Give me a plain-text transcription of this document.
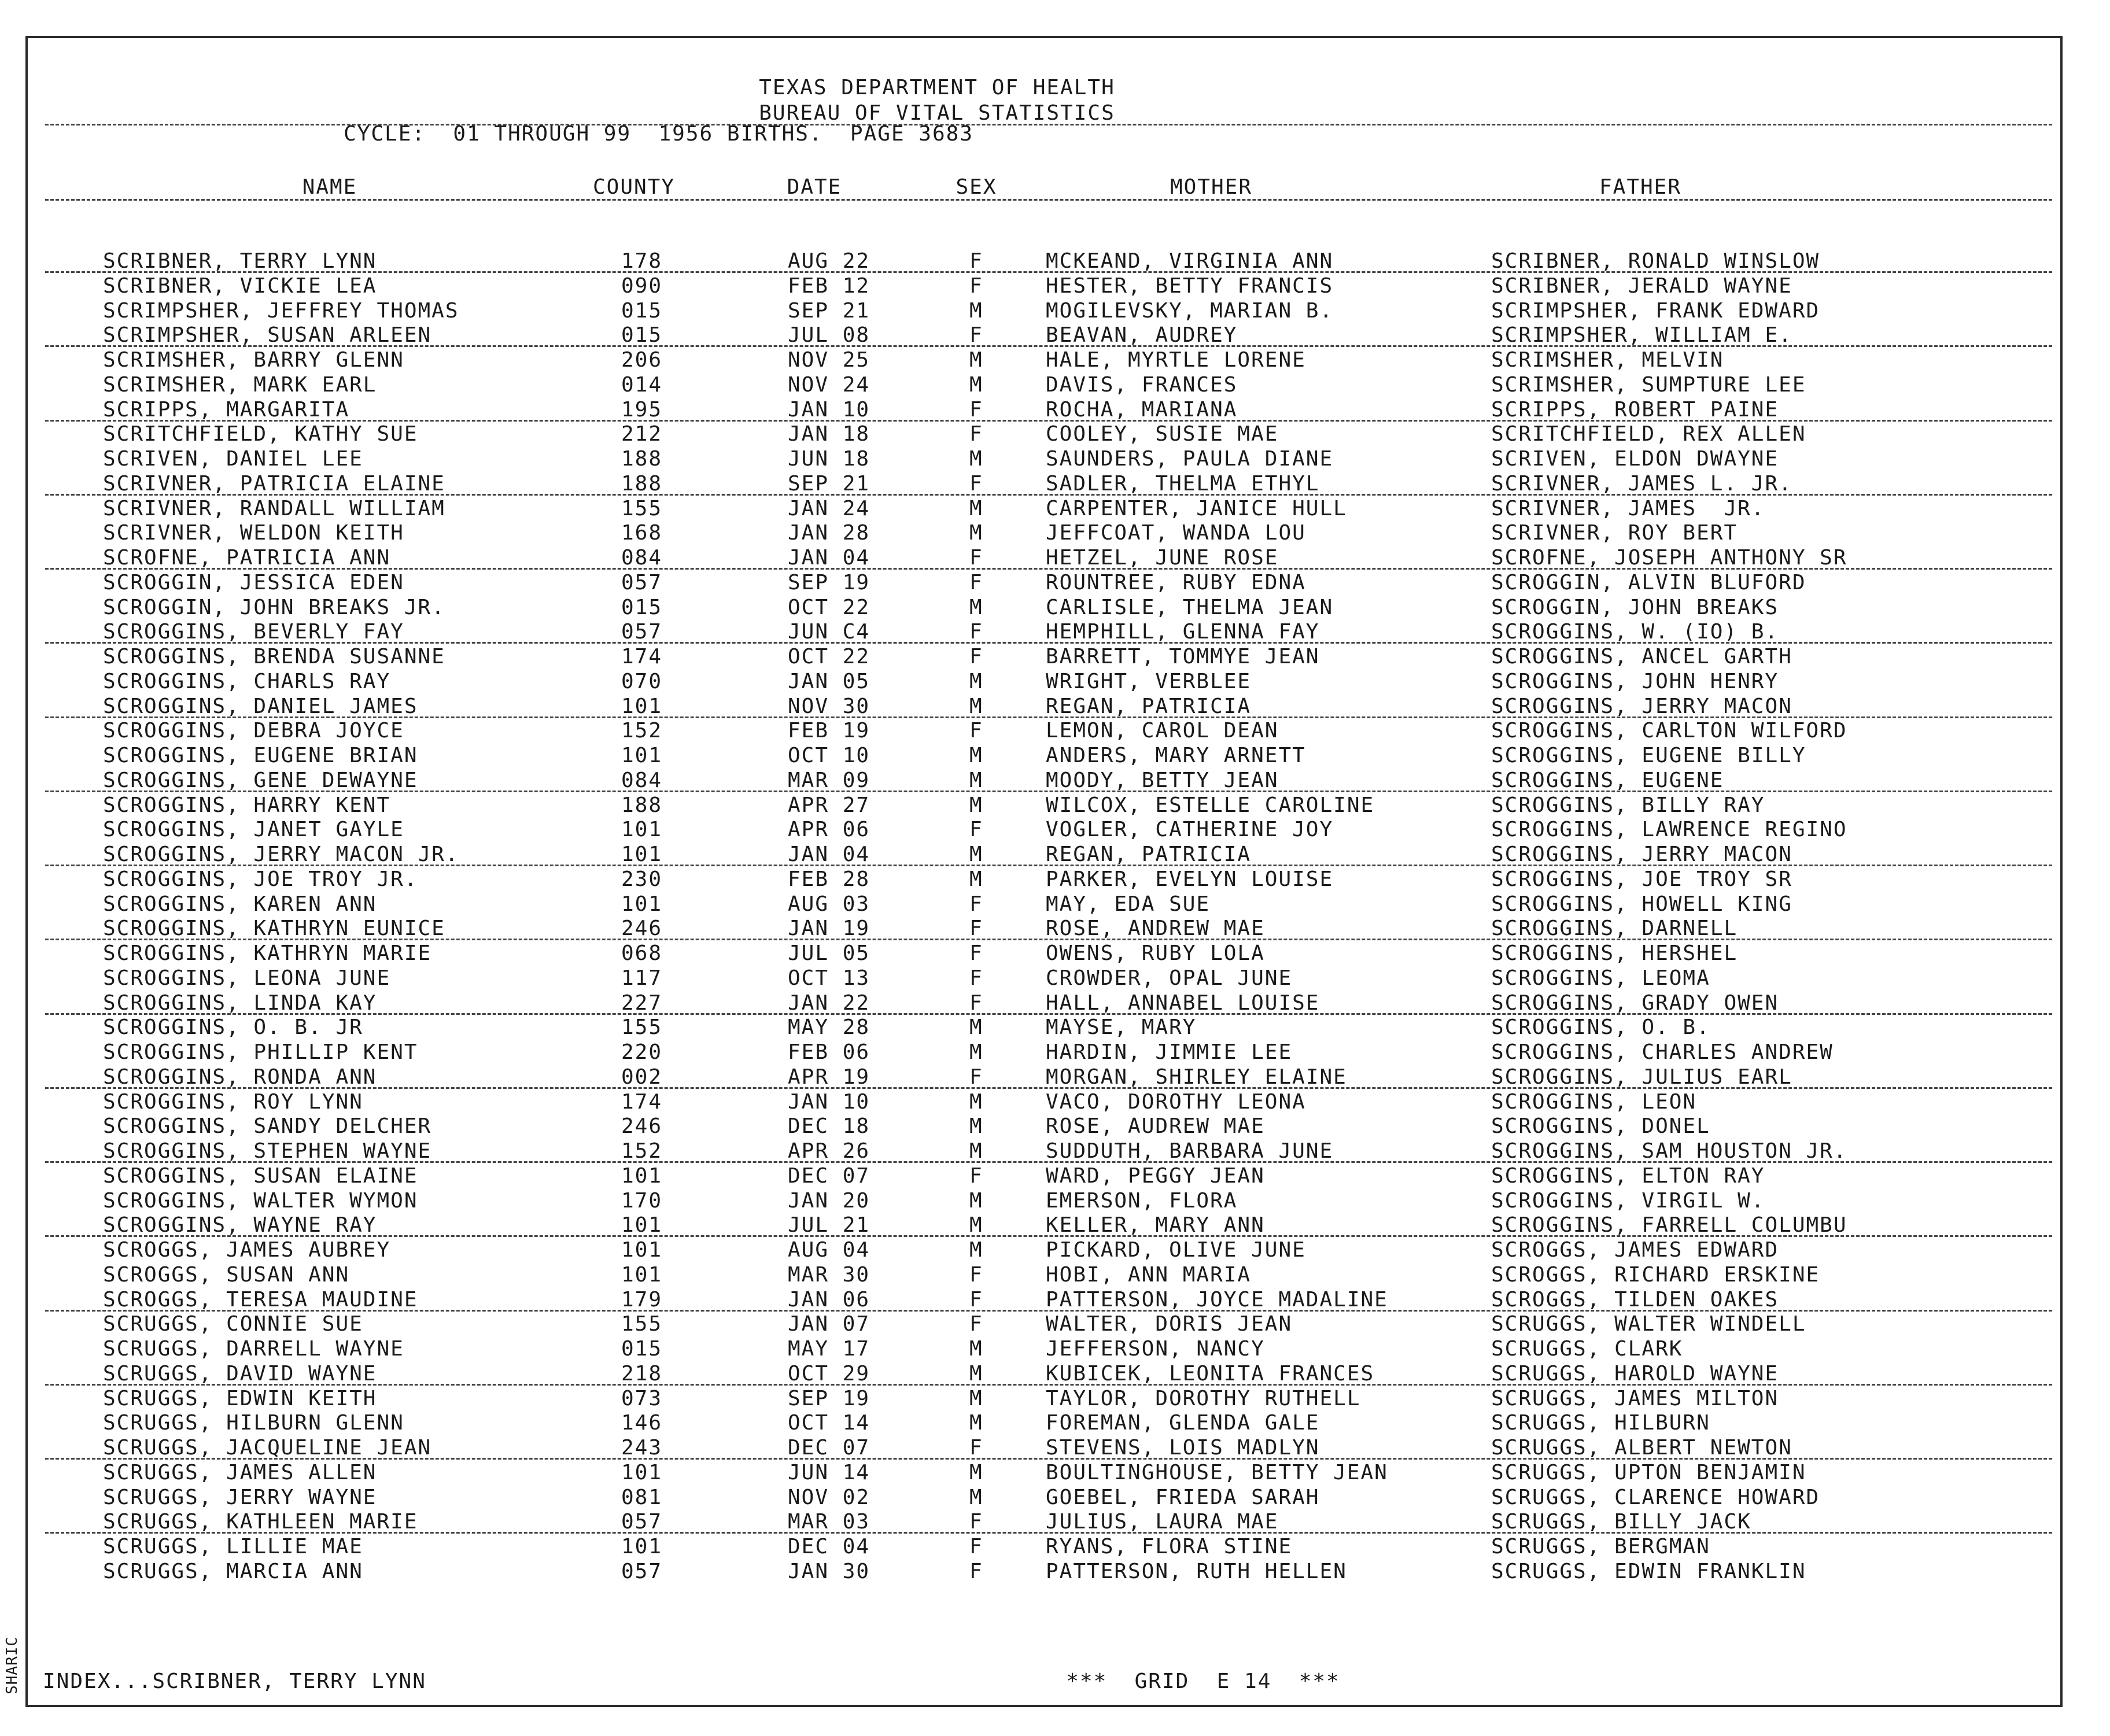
TEXAS DEPARTMENT OF HEALTH
BUREAU OF VITAL STATISTICS
CYCLE:  01 THROUGH 99  1956 BIRTHS.  PAGE 3683
NAME	COUNTY	DATE	SEX	MOTHER	FATHER
SCRIBNER, TERRY LYNN	178	AUG 22	F	MCKEAND, VIRGINIA ANN	SCRIBNER, RONALD WINSLOW
SCRIBNER, VICKIE LEA	090	FEB 12	F	HESTER, BETTY FRANCIS	SCRIBNER, JERALD WAYNE
SCRIMPSHER, JEFFREY THOMAS	015	SEP 21	M	MOGILEVSKY, MARIAN B.	SCRIMPSHER, FRANK EDWARD
SCRIMPSHER, SUSAN ARLEEN	015	JUL 08	F	BEAVAN, AUDREY	SCRIMPSHER, WILLIAM E.
SCRIMSHER, BARRY GLENN	206	NOV 25	M	HALE, MYRTLE LORENE	SCRIMSHER, MELVIN
SCRIMSHER, MARK EARL	014	NOV 24	M	DAVIS, FRANCES	SCRIMSHER, SUMPTURE LEE
SCRIPPS, MARGARITA	195	JAN 10	F	ROCHA, MARIANA	SCRIPPS, ROBERT PAINE
SCRITCHFIELD, KATHY SUE	212	JAN 18	F	COOLEY, SUSIE MAE	SCRITCHFIELD, REX ALLEN
SCRIVEN, DANIEL LEE	188	JUN 18	M	SAUNDERS, PAULA DIANE	SCRIVEN, ELDON DWAYNE
SCRIVNER, PATRICIA ELAINE	188	SEP 21	F	SADLER, THELMA ETHYL	SCRIVNER, JAMES L. JR.
SCRIVNER, RANDALL WILLIAM	155	JAN 24	M	CARPENTER, JANICE HULL	SCRIVNER, JAMES  JR.
SCRIVNER, WELDON KEITH	168	JAN 28	M	JEFFCOAT, WANDA LOU	SCRIVNER, ROY BERT
SCROFNE, PATRICIA ANN	084	JAN 04	F	HETZEL, JUNE ROSE	SCROFNE, JOSEPH ANTHONY SR
SCROGGIN, JESSICA EDEN	057	SEP 19	F	ROUNTREE, RUBY EDNA	SCROGGIN, ALVIN BLUFORD
SCROGGIN, JOHN BREAKS JR.	015	OCT 22	M	CARLISLE, THELMA JEAN	SCROGGIN, JOHN BREAKS
SCROGGINS, BEVERLY FAY	057	JUN C4	F	HEMPHILL, GLENNA FAY	SCROGGINS, W. (IO) B.
SCROGGINS, BRENDA SUSANNE	174	OCT 22	F	BARRETT, TOMMYE JEAN	SCROGGINS, ANCEL GARTH
SCROGGINS, CHARLS RAY	070	JAN 05	M	WRIGHT, VERBLEE	SCROGGINS, JOHN HENRY
SCROGGINS, DANIEL JAMES	101	NOV 30	M	REGAN, PATRICIA	SCROGGINS, JERRY MACON
SCROGGINS, DEBRA JOYCE	152	FEB 19	F	LEMON, CAROL DEAN	SCROGGINS, CARLTON WILFORD
SCROGGINS, EUGENE BRIAN	101	OCT 10	M	ANDERS, MARY ARNETT	SCROGGINS, EUGENE BILLY
SCROGGINS, GENE DEWAYNE	084	MAR 09	M	MOODY, BETTY JEAN	SCROGGINS, EUGENE
SCROGGINS, HARRY KENT	188	APR 27	M	WILCOX, ESTELLE CAROLINE	SCROGGINS, BILLY RAY
SCROGGINS, JANET GAYLE	101	APR 06	F	VOGLER, CATHERINE JOY	SCROGGINS, LAWRENCE REGINO
SCROGGINS, JERRY MACON JR.	101	JAN 04	M	REGAN, PATRICIA	SCROGGINS, JERRY MACON
SCROGGINS, JOE TROY JR.	230	FEB 28	M	PARKER, EVELYN LOUISE	SCROGGINS, JOE TROY SR
SCROGGINS, KAREN ANN	101	AUG 03	F	MAY, EDA SUE	SCROGGINS, HOWELL KING
SCROGGINS, KATHRYN EUNICE	246	JAN 19	F	ROSE, ANDREW MAE	SCROGGINS, DARNELL
SCROGGINS, KATHRYN MARIE	068	JUL 05	F	OWENS, RUBY LOLA	SCROGGINS, HERSHEL
SCROGGINS, LEONA JUNE	117	OCT 13	F	CROWDER, OPAL JUNE	SCROGGINS, LEOMA
SCROGGINS, LINDA KAY	227	JAN 22	F	HALL, ANNABEL LOUISE	SCROGGINS, GRADY OWEN
SCROGGINS, O. B. JR	155	MAY 28	M	MAYSE, MARY	SCROGGINS, O. B.
SCROGGINS, PHILLIP KENT	220	FEB 06	M	HARDIN, JIMMIE LEE	SCROGGINS, CHARLES ANDREW
SCROGGINS, RONDA ANN	002	APR 19	F	MORGAN, SHIRLEY ELAINE	SCROGGINS, JULIUS EARL
SCROGGINS, ROY LYNN	174	JAN 10	M	VACO, DOROTHY LEONA	SCROGGINS, LEON
SCROGGINS, SANDY DELCHER	246	DEC 18	M	ROSE, AUDREW MAE	SCROGGINS, DONEL
SCROGGINS, STEPHEN WAYNE	152	APR 26	M	SUDDUTH, BARBARA JUNE	SCROGGINS, SAM HOUSTON JR.
SCROGGINS, SUSAN ELAINE	101	DEC 07	F	WARD, PEGGY JEAN	SCROGGINS, ELTON RAY
SCROGGINS, WALTER WYMON	170	JAN 20	M	EMERSON, FLORA	SCROGGINS, VIRGIL W.
SCROGGINS, WAYNE RAY	101	JUL 21	M	KELLER, MARY ANN	SCROGGINS, FARRELL COLUMBU
SCROGGS, JAMES AUBREY	101	AUG 04	M	PICKARD, OLIVE JUNE	SCROGGS, JAMES EDWARD
SCROGGS, SUSAN ANN	101	MAR 30	F	HOBI, ANN MARIA	SCROGGS, RICHARD ERSKINE
SCROGGS, TERESA MAUDINE	179	JAN 06	F	PATTERSON, JOYCE MADALINE	SCROGGS, TILDEN OAKES
SCRUGGS, CONNIE SUE	155	JAN 07	F	WALTER, DORIS JEAN	SCRUGGS, WALTER WINDELL
SCRUGGS, DARRELL WAYNE	015	MAY 17	M	JEFFERSON, NANCY	SCRUGGS, CLARK
SCRUGGS, DAVID WAYNE	218	OCT 29	M	KUBICEK, LEONITA FRANCES	SCRUGGS, HAROLD WAYNE
SCRUGGS, EDWIN KEITH	073	SEP 19	M	TAYLOR, DOROTHY RUTHELL	SCRUGGS, JAMES MILTON
SCRUGGS, HILBURN GLENN	146	OCT 14	M	FOREMAN, GLENDA GALE	SCRUGGS, HILBURN
SCRUGGS, JACQUELINE JEAN	243	DEC 07	F	STEVENS, LOIS MADLYN	SCRUGGS, ALBERT NEWTON
SCRUGGS, JAMES ALLEN	101	JUN 14	M	BOULTINGHOUSE, BETTY JEAN	SCRUGGS, UPTON BENJAMIN
SCRUGGS, JERRY WAYNE	081	NOV 02	M	GOEBEL, FRIEDA SARAH	SCRUGGS, CLARENCE HOWARD
SCRUGGS, KATHLEEN MARIE	057	MAR 03	F	JULIUS, LAURA MAE	SCRUGGS, BILLY JACK
SCRUGGS, LILLIE MAE	101	DEC 04	F	RYANS, FLORA STINE	SCRUGGS, BERGMAN
SCRUGGS, MARCIA ANN	057	JAN 30	F	PATTERSON, RUTH HELLEN	SCRUGGS, EDWIN FRANKLIN
INDEX...SCRIBNER, TERRY LYNN	***  GRID  E 14  ***
SHARIC
